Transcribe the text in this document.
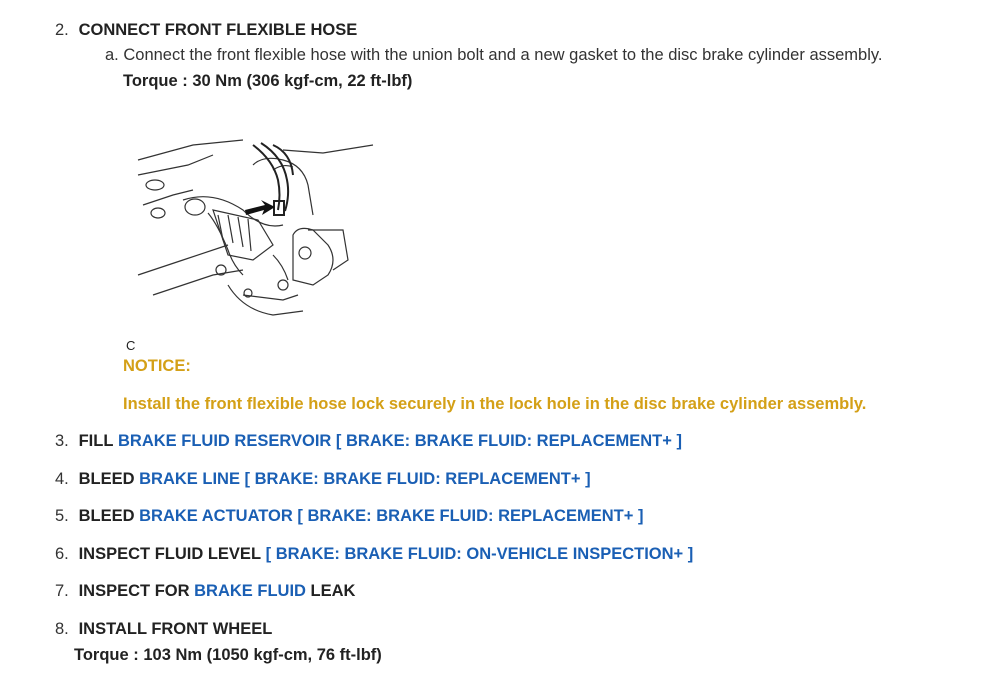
2. CONNECT FRONT FLEXIBLE HOSE
a. Connect the front flexible hose with the union bolt and a new gasket to the disc brake cylinder assembly.
Torque : 30 Nm (306 kgf-cm, 22 ft-lbf)
C
NOTICE:
Install the front flexible hose lock securely in the lock hole in the disc brake cylinder assembly.
3. FILL BRAKE FLUID RESERVOIR [ BRAKE: BRAKE FLUID: REPLACEMENT+ ]
4. BLEED BRAKE LINE [ BRAKE: BRAKE FLUID: REPLACEMENT+ ]
5. BLEED BRAKE ACTUATOR [ BRAKE: BRAKE FLUID: REPLACEMENT+ ]
6. INSPECT FLUID LEVEL [ BRAKE: BRAKE FLUID: ON-VEHICLE INSPECTION+ ]
7. INSPECT FOR BRAKE FLUID LEAK
8. INSTALL FRONT WHEEL
Torque : 103 Nm (1050 kgf-cm, 76 ft-lbf)
